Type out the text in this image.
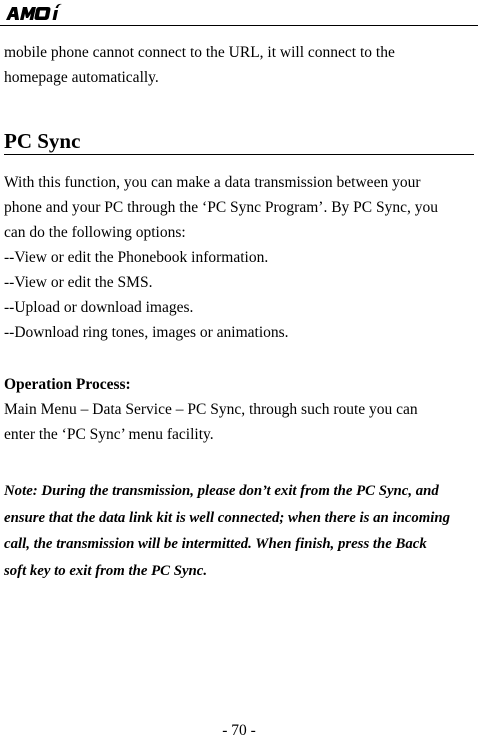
mobile phone cannot connect to the URL, it will connect to the
homepage automatically.

PC Sync

With this function, you can make a data transmission between your
phone and your PC through the ‘PC Sync Program’. By PC Sync, you
can do the following options:
--View or edit the Phonebook information.
--View or edit the SMS.
--Upload or download images.
--Download ring tones, images or animations.

Operation Process:

Main Menu – Data Service – PC Sync, through such route you can
enter the ‘PC Sync’ menu facility.

Note: During the transmission, please don’t exit from the PC Sync, and
ensure that the data link kit is well connected; when there is an incoming
call, the transmission will be intermitted. When finish, press the Back
soft key to exit from the PC Sync.

- 70 -
